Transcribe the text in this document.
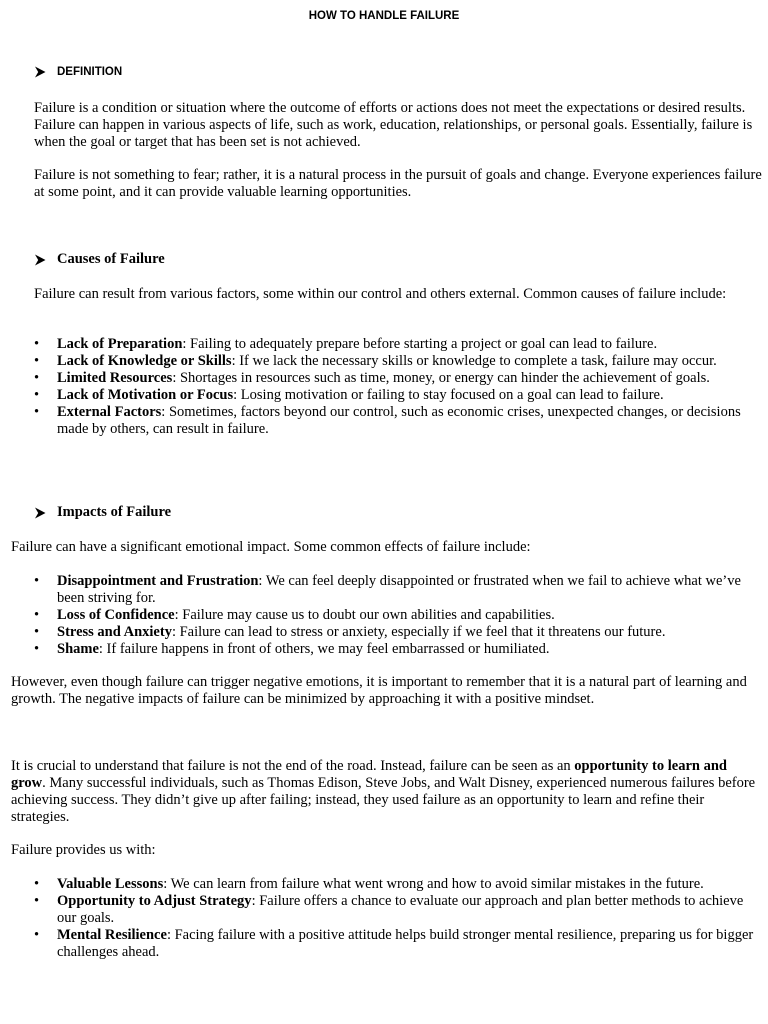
HOW TO HANDLE FAILURE
DEFINITION

Failure is a condition or situation where the outcome of efforts or actions does not meet the expectations or desired results. Failure can happen in various aspects of life, such as work, education, relationships, or personal goals. Essentially, failure is when the goal or target that has been set is not achieved.

Failure is not something to fear; rather, it is a natural process in the pursuit of goals and change. Everyone experiences failure at some point, and it can provide valuable learning opportunities.

Causes of Failure

Failure can result from various factors, some within our control and others external. Common causes of failure include:

• Lack of Preparation: Failing to adequately prepare before starting a project or goal can lead to failure.
• Lack of Knowledge or Skills: If we lack the necessary skills or knowledge to complete a task, failure may occur.
• Limited Resources: Shortages in resources such as time, money, or energy can hinder the achievement of goals.
• Lack of Motivation or Focus: Losing motivation or failing to stay focused on a goal can lead to failure.
• External Factors: Sometimes, factors beyond our control, such as economic crises, unexpected changes, or decisions made by others, can result in failure.
Impacts of Failure

Failure can have a significant emotional impact. Some common effects of failure include:

• Disappointment and Frustration: We can feel deeply disappointed or frustrated when we fail to achieve what we’ve been striving for.
• Loss of Confidence: Failure may cause us to doubt our own abilities and capabilities.
• Stress and Anxiety: Failure can lead to stress or anxiety, especially if we feel that it threatens our future.
• Shame: If failure happens in front of others, we may feel embarrassed or humiliated.

However, even though failure can trigger negative emotions, it is important to remember that it is a natural part of learning and growth. The negative impacts of failure can be minimized by approaching it with a positive mindset.

It is crucial to understand that failure is not the end of the road. Instead, failure can be seen as an opportunity to learn and grow. Many successful individuals, such as Thomas Edison, Steve Jobs, and Walt Disney, experienced numerous failures before achieving success. They didn’t give up after failing; instead, they used failure as an opportunity to learn and refine their strategies.

Failure provides us with:

• Valuable Lessons: We can learn from failure what went wrong and how to avoid similar mistakes in the future.
• Opportunity to Adjust Strategy: Failure offers a chance to evaluate our approach and plan better methods to achieve our goals.
• Mental Resilience: Facing failure with a positive attitude helps build stronger mental resilience, preparing us for bigger challenges ahead.
